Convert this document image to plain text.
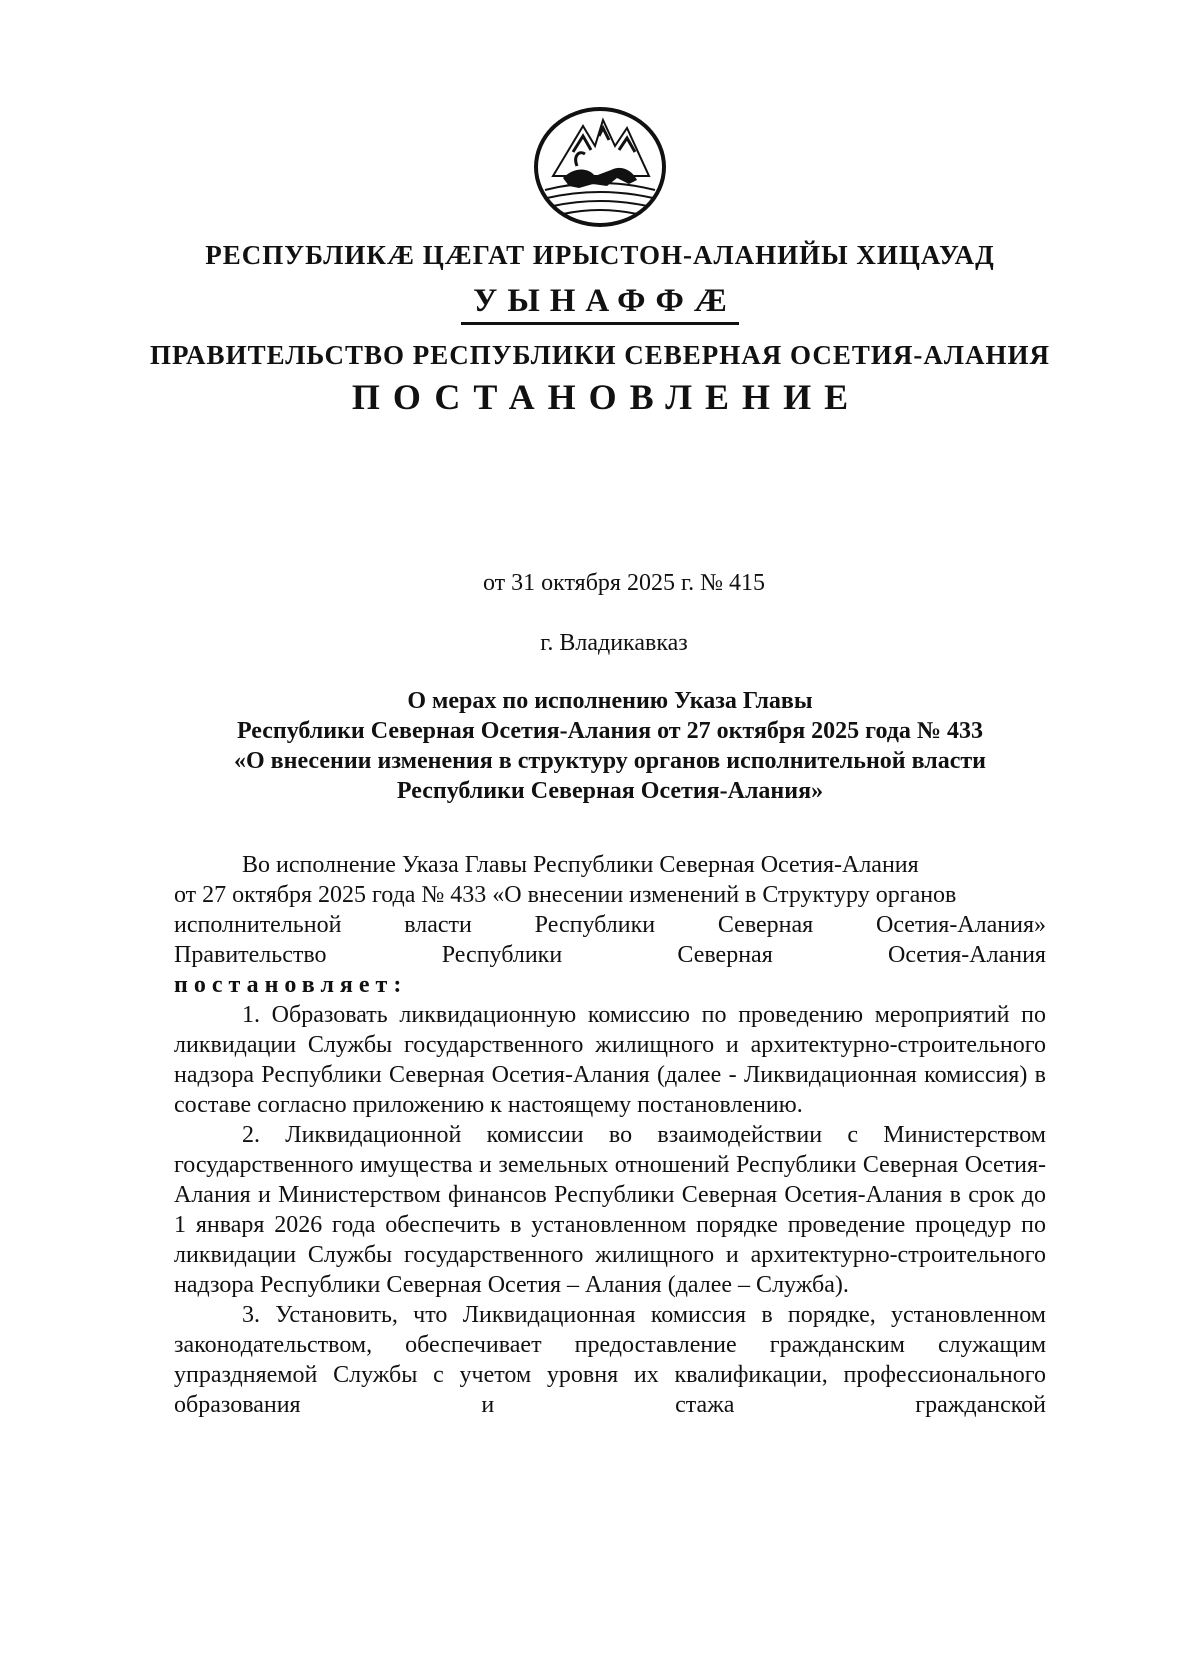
РЕСПУБЛИКӔ ЦӔГАТ ИРЫСТОН-АЛАНИЙЫ ХИЦАУАД
УЫНАФФӔ
ПРАВИТЕЛЬСТВО РЕСПУБЛИКИ СЕВЕРНАЯ ОСЕТИЯ-АЛАНИЯ
ПОСТАНОВЛЕНИЕ
от 31 октября 2025 г. № 415
г. Владикавказ
О мерах по исполнению Указа Главы
Республики Северная Осетия-Алания от 27 октября 2025 года № 433
«О внесении изменения в структуру органов исполнительной власти
Республики Северная Осетия-Алания»

Во исполнение Указа Главы Республики Северная Осетия-Алания

от 27 октября 2025 года № 433 «О внесении изменений в Структуру органов

исполнительной	власти	Республики	Северная	Осетия-Алания»
Правительство	Республики	Северная	Осетия-Алания

постановляет:

1. Образовать ликвидационную комиссию по проведению мероприятий по ликвидации Службы государственного жилищного и архитектурно-строительного надзора Республики Северная Осетия-Алания (далее - Ликвидационная комиссия) в составе согласно приложению к настоящему постановлению.

2. Ликвидационной комиссии во взаимодействии с Министерством государственного имущества и земельных отношений Республики Северная Осетия-Алания и Министерством финансов Республики Северная Осетия-Алания в срок до 1 января 2026 года обеспечить в установленном порядке проведение процедур по ликвидации Службы государственного жилищного и архитектурно-строительного надзора Республики Северная Осетия – Алания (далее – Служба).

3. Установить, что Ликвидационная комиссия в порядке, установленном законодательством, обеспечивает предоставление гражданским служащим упраздняемой Службы с учетом уровня их квалификации, профессионального образования и стажа гражданской
